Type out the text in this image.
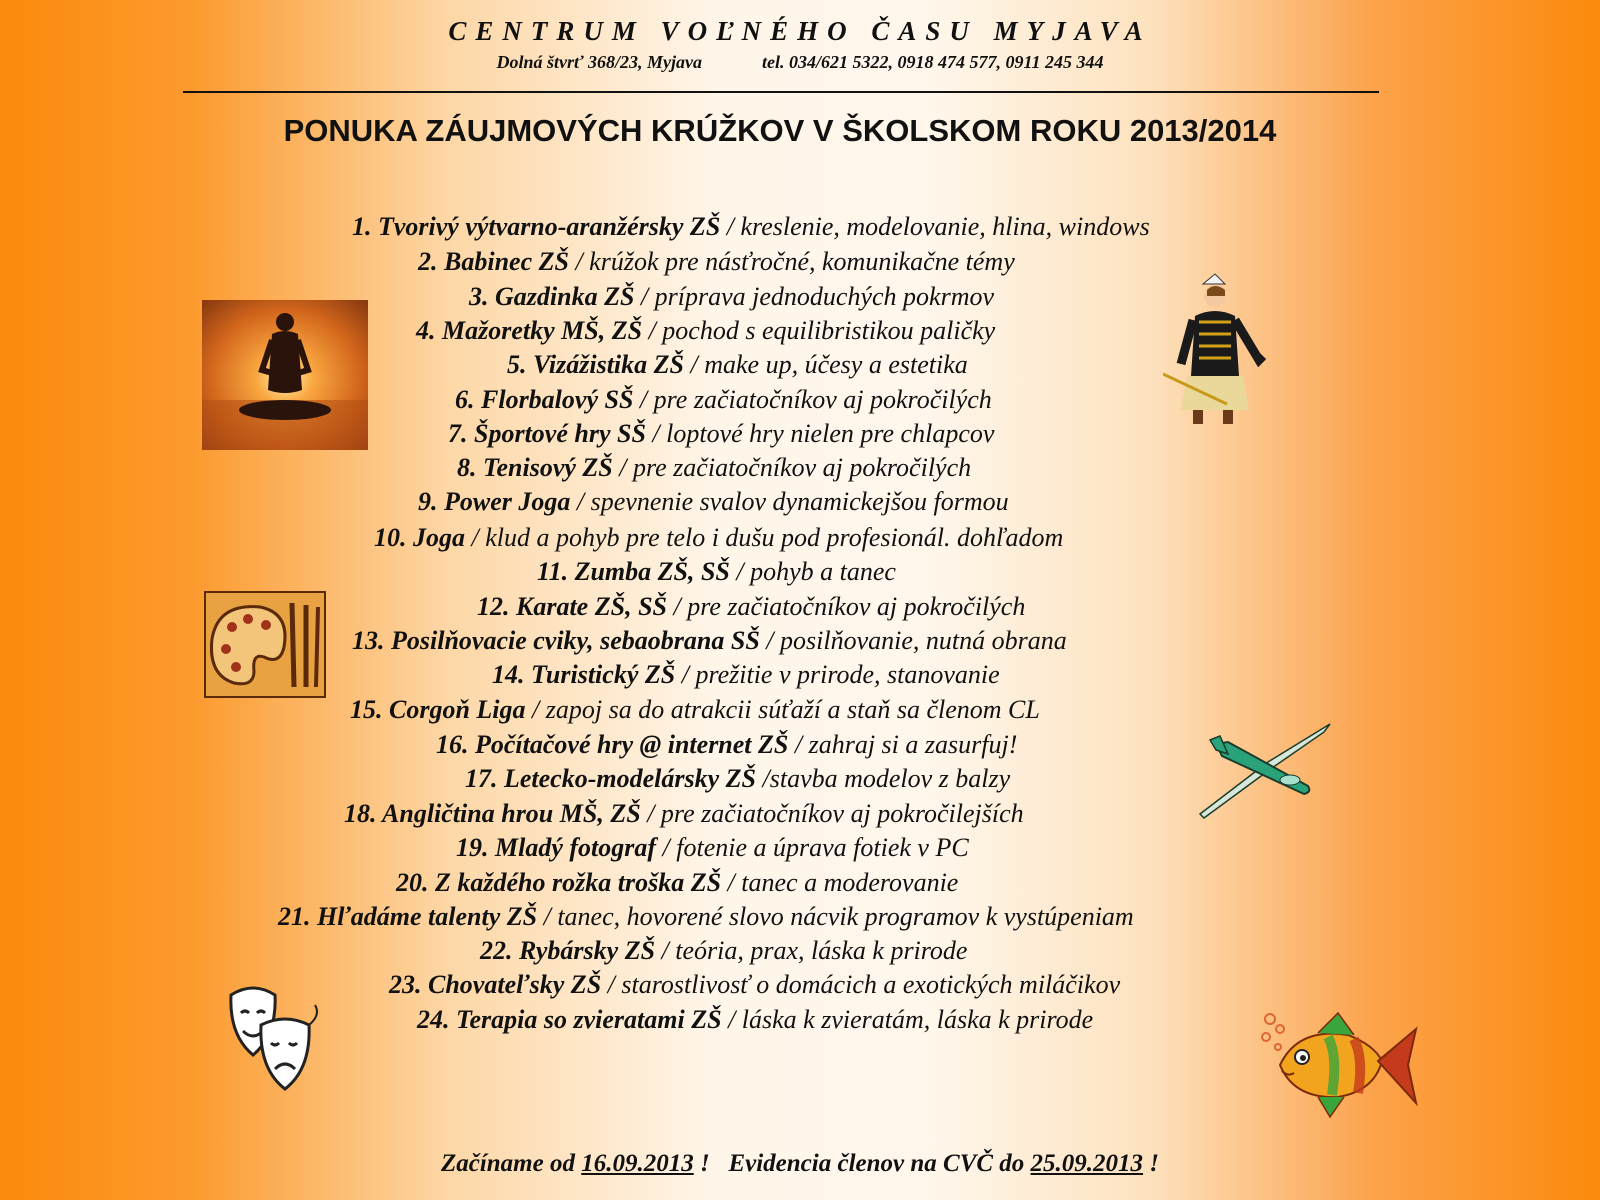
CENTRUM VOĽNÉHO ČASU MYJAVA
Dolná štvrť 368/23, Myjava	tel. 034/621 5322, 0918 474 577, 0911 245 344
PONUKA ZÁUJMOVÝCH KRÚŽKOV V ŠKOLSKOM ROKU 2013/2014
1. Tvorivý výtvarno-aranžérsky ZŠ / kreslenie, modelovanie, hlina, windows
2. Babinec ZŠ / krúžok pre násťročné, komunikačne témy
3. Gazdinka ZŠ / príprava jednoduchých pokrmov
4. Mažoretky MŠ, ZŠ / pochod s equilibristikou paličky
5. Vizážistika ZŠ / make up, účesy a estetika
6. Florbalový SŠ / pre začiatočníkov aj pokročilých
7. Športové hry SŠ / loptové hry nielen pre chlapcov
8. Tenisový ZŠ / pre začiatočníkov aj pokročilých
9. Power Joga / spevnenie svalov dynamickejšou formou
10. Joga / klud a pohyb pre telo i dušu pod profesionál. dohľadom
11. Zumba ZŠ, SŠ / pohyb a tanec
12. Karate ZŠ, SŠ / pre začiatočníkov aj pokročilých
13. Posilňovacie cviky, sebaobrana SŠ / posilňovanie, nutná obrana
14. Turistický ZŠ / prežitie v prirode, stanovanie
15. Corgoň Liga / zapoj sa do atrakcii súťaží a staň sa členom CL
16. Počítačové hry @ internet ZŠ / zahraj si a zasurfuj!
17. Letecko-modelársky ZŠ /stavba modelov z balzy
18. Angličtina hrou MŠ, ZŠ / pre začiatočníkov aj pokročilejších
19. Mladý fotograf / fotenie a úprava fotiek v PC
20. Z každého rožka troška ZŠ / tanec a moderovanie
21. Hľadáme talenty ZŠ / tanec, hovorené slovo nácvik programov k vystúpeniam
22. Rybársky ZŠ / teória, prax, láska k prirode
23. Chovateľsky ZŠ / starostlivosť o domácich a exotických miláčikov
24. Terapia so zvieratami ZŠ / láska k zvieratám, láska k prirode
Začíname od 16.09.2013 !   Evidencia členov na CVČ do 25.09.2013 !
